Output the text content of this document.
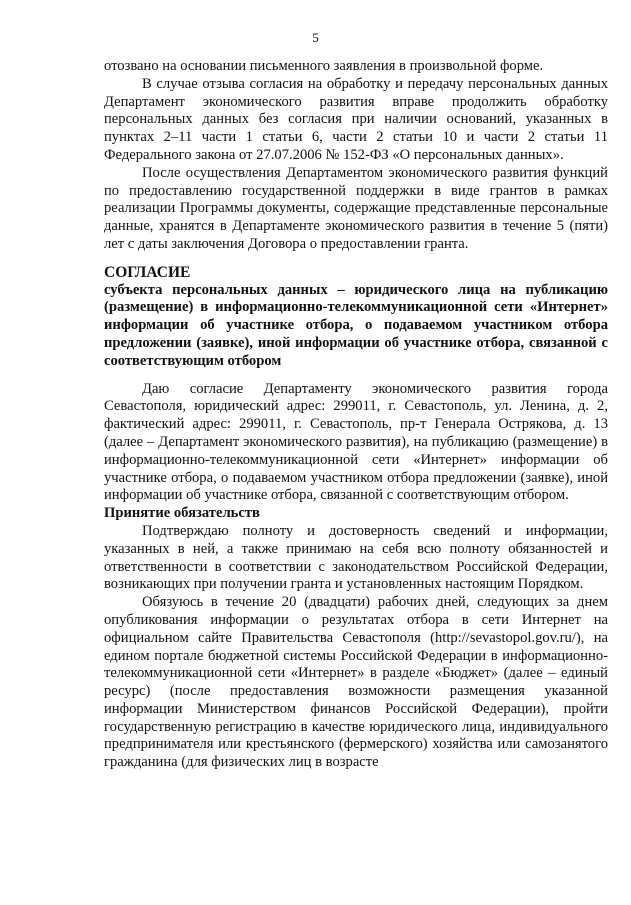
5

отозвано на основании письменного заявления в произвольной форме.

В случае отзыва согласия на обработку и передачу персональных данных Департамент экономического развития вправе продолжить обработку персональных данных без согласия при наличии оснований, указанных в пунктах 2–11 части 1 статьи 6, части 2 статьи 10 и части 2 статьи 11 Федерального закона от 27.07.2006 № 152-ФЗ «О персональных данных».

После осуществления Департаментом экономического развития функций по предоставлению государственной поддержки в виде грантов в рамках реализации Программы документы, содержащие представленные персональные данные, хранятся в Департаменте экономического развития в течение 5 (пяти) лет с даты заключения Договора о предоставлении гранта.

СОГЛАСИЕ

субъекта персональных данных – юридического лица на публикацию (размещение) в информационно-телекоммуникационной сети «Интернет» информации об участнике отбора, о подаваемом участником отбора предложении (заявке), иной информации об участнике отбора, связанной с соответствующим отбором

Даю согласие Департаменту экономического развития города Севастополя, юридический адрес: 299011, г. Севастополь, ул. Ленина, д. 2, фактический адрес: 299011, г. Севастополь, пр-т Генерала Острякова, д. 13 (далее – Департамент экономического развития), на публикацию (размещение) в информационно-телекоммуникационной сети «Интернет» информации об участнике отбора, о подаваемом участником отбора предложении (заявке), иной информации об участнике отбора, связанной с соответствующим отбором.

Принятие обязательств

Подтверждаю полноту и достоверность сведений и информации, указанных в ней, а также принимаю на себя всю полноту обязанностей и ответственности в соответствии с законодательством Российской Федерации, возникающих при получении гранта и установленных настоящим Порядком.

Обязуюсь в течение 20 (двадцати) рабочих дней, следующих за днем опубликования информации о результатах отбора в сети Интернет на официальном сайте Правительства Севастополя (http://sevastopol.gov.ru/), на едином портале бюджетной системы Российской Федерации в информационно-телекоммуникационной сети «Интернет» в разделе «Бюджет» (далее – единый ресурс) (после предоставления возможности размещения указанной информации Министерством финансов Российской Федерации), пройти государственную регистрацию в качестве юридического лица, индивидуального предпринимателя или крестьянского (фермерского) хозяйства или самозанятого гражданина (для физических лиц в возрасте
